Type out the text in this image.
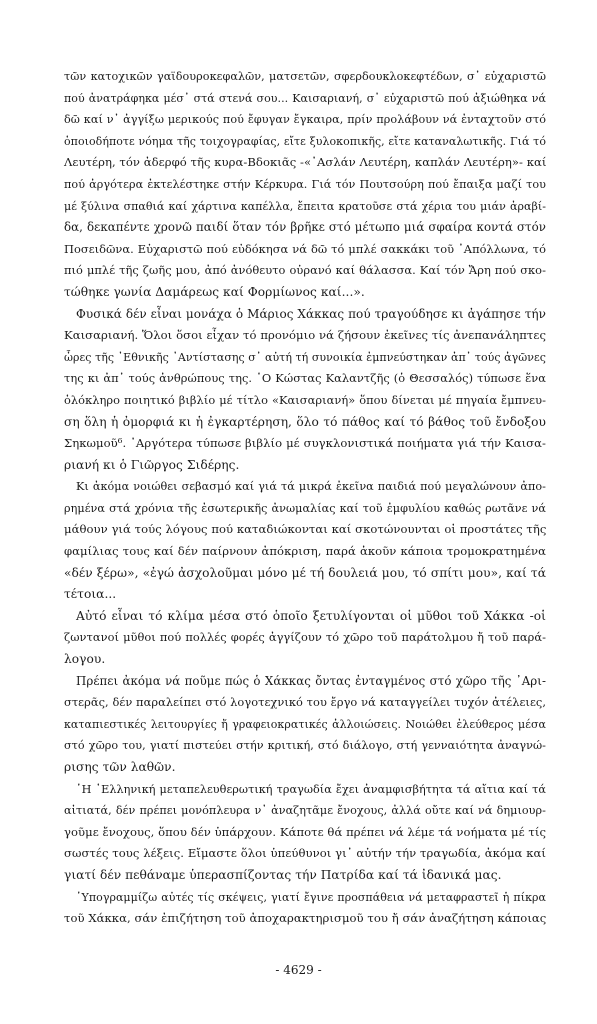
τῶν κατοχικῶν γαϊδουροκεφαλῶν, ματσετῶν, σφερδουκλοκεφτέδων, σ᾽ εὐχαριστῶ
πού ἀνατράφηκα μέσ᾽ στά στενά σου... Καισαριανή, σ᾽ εὐχαριστῶ πού ἀξιώθηκα νά
δῶ καί ν᾽ ἀγγίξω μερικούς πού ἔφυγαν ἔγκαιρα, πρίν προλάβουν νά ἐνταχτοῦν στό
ὁποιοδήποτε νόημα τῆς τοιχογραφίας, εἴτε ξυλοκοπικῆς, εἴτε καταναλωτικῆς. Γιά τό
Λευτέρη, τόν ἀδερφό τῆς κυρα-Βδοκιᾶς -«᾽Ασλάν Λευτέρη, καπλάν Λευτέρη»- καί
πού ἀργότερα ἐκτελέστηκε στήν Κέρκυρα. Γιά τόν Πουτσούρη πού ἔπαιξα μαζί του
μέ ξύλινα σπαθιά καί χάρτινα καπέλλα, ἔπειτα κρατοῦσε στά χέρια του μιάν ἀραβί-
δα, δεκαπέντε χρονῶ παιδί ὅταν τόν βρῆκε στό μέτωπο μιά σφαίρα κοντά στόν
Ποσειδῶνα. Εὐχαριστῶ πού εὐδόκησα νά δῶ τό μπλέ σακκάκι τοῦ ᾽Απόλλωνα, τό
πιό μπλέ τῆς ζωῆς μου, ἀπό ἀνόθευτο οὐρανό καί θάλασσα. Καί τόν Ἄρη πού σκο-
τώθηκε γωνία Δαμάρεως καί Φορμίωνος καί...».
Φυσικά δέν εἶναι μονάχα ὁ Μάριος Χάκκας πού τραγούδησε κι ἀγάπησε τήν
Καισαριανή. Ὅλοι ὅσοι εἶχαν τό προνόμιο νά ζήσουν ἐκεῖνες τίς ἀνεπανάληπτες
ὧρες τῆς ᾽Εθνικῆς ᾽Αντίστασης σ᾽ αὐτή τή συνοικία ἐμπνεύστηκαν ἀπ᾽ τούς ἀγῶνες
της κι ἀπ᾽ τούς ἀνθρώπους της. ῾Ο Κώστας Καλαντζῆς (ὁ Θεσσαλός) τύπωσε ἕνα
ὁλόκληρο ποιητικό βιβλίο μέ τίτλο «Καισαριανή» ὅπου δίνεται μέ πηγαία ἔμπνευ-
ση ὅλη ἡ ὀμορφιά κι ἡ ἐγκαρτέρηση, ὅλο τό πάθος καί τό βάθος τοῦ ἔνδοξου
Σηκωμοῦ⁶. ᾽Αργότερα τύπωσε βιβλίο μέ συγκλονιστικά ποιήματα γιά τήν Καισα-
ριανή κι ὁ Γιῶργος Σιδέρης.
Κι ἀκόμα νοιώθει σεβασμό καί γιά τά μικρά ἐκεῖνα παιδιά πού μεγαλώνουν ἀπο-
ρημένα στά χρόνια τῆς ἐσωτερικῆς ἀνωμαλίας καί τοῦ ἐμφυλίου καθώς ρωτᾶνε νά
μάθουν γιά τούς λόγους πού καταδιώκονται καί σκοτώνουνται οἱ προστάτες τῆς
φαμίλιας τους καί δέν παίρνουν ἀπόκριση, παρά ἀκοῦν κάποια τρομοκρατημένα
«δέν ξέρω», «ἐγώ ἀσχολοῦμαι μόνο μέ τή δουλειά μου, τό σπίτι μου», καί τά
τέτοια...
Αὐτό εἶναι τό κλίμα μέσα στό ὁποῖο ξετυλίγονται οἱ μῦθοι τοῦ Χάκκα -οἱ
ζωντανοί μῦθοι πού πολλές φορές ἀγγίζουν τό χῶρο τοῦ παράτολμου ἤ τοῦ παρά-
λογου.
Πρέπει ἀκόμα νά ποῦμε πώς ὁ Χάκκας ὄντας ἐνταγμένος στό χῶρο τῆς ᾽Αρι-
στερᾶς, δέν παραλείπει στό λογοτεχνικό του ἔργο νά καταγγείλει τυχόν ἀτέλειες,
καταπιεστικές λειτουργίες ἤ γραφειοκρατικές ἀλλοιώσεις. Νοιώθει ἐλεύθερος μέσα
στό χῶρο του, γιατί πιστεύει στήν κριτική, στό διάλογο, στή γενναιότητα ἀναγνώ-
ρισης τῶν λαθῶν.
῾Η ῾Ελληνική μεταπελευθερωτική τραγωδία ἔχει ἀναμφισβήτητα τά αἴτια καί τά
αἰτιατά, δέν πρέπει μονόπλευρα ν᾽ ἀναζητᾶμε ἔνοχους, ἀλλά οὔτε καί νά δημιουρ-
γοῦμε ἔνοχους, ὅπου δέν ὑπάρχουν. Κάποτε θά πρέπει νά λέμε τά νοήματα μέ τίς
σωστές τους λέξεις. Εἴμαστε ὅλοι ὑπεύθυνοι γι᾽ αὐτήν τήν τραγωδία, ἀκόμα καί
γιατί δέν πεθάναμε ὑπερασπίζοντας τήν Πατρίδα καί τά ἰδανικά μας.
῾Υπογραμμίζω αὐτές τίς σκέψεις, γιατί ἔγινε προσπάθεια νά μεταφραστεῖ ἡ πίκρα
τοῦ Χάκκα, σάν ἐπιζήτηση τοῦ ἀποχαρακτηρισμοῦ του ἤ σάν ἀναζήτηση κάποιας
- 4629 -
